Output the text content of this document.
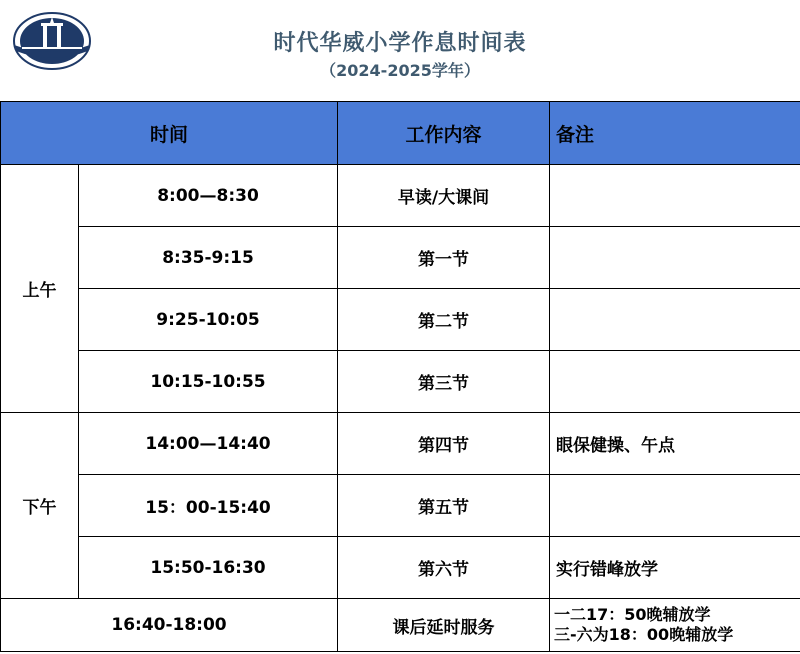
时代华威小学作息时间表
（2024-2025学年）
时间		工作内容	备注
上午	8:00—8:30	早读/大课间	
	8:35-9:15	第一节	
	9:25-10:05	第二节	
	10:15-10:55	第三节	
下午	14:00—14:40	第四节	眼保健操、午点
	15：00-15:40	第五节	
	15:50-16:30	第六节	实行错峰放学
16:40-18:00		课后延时服务	一二17：50晚辅放学
三-六为18：00晚辅放学
